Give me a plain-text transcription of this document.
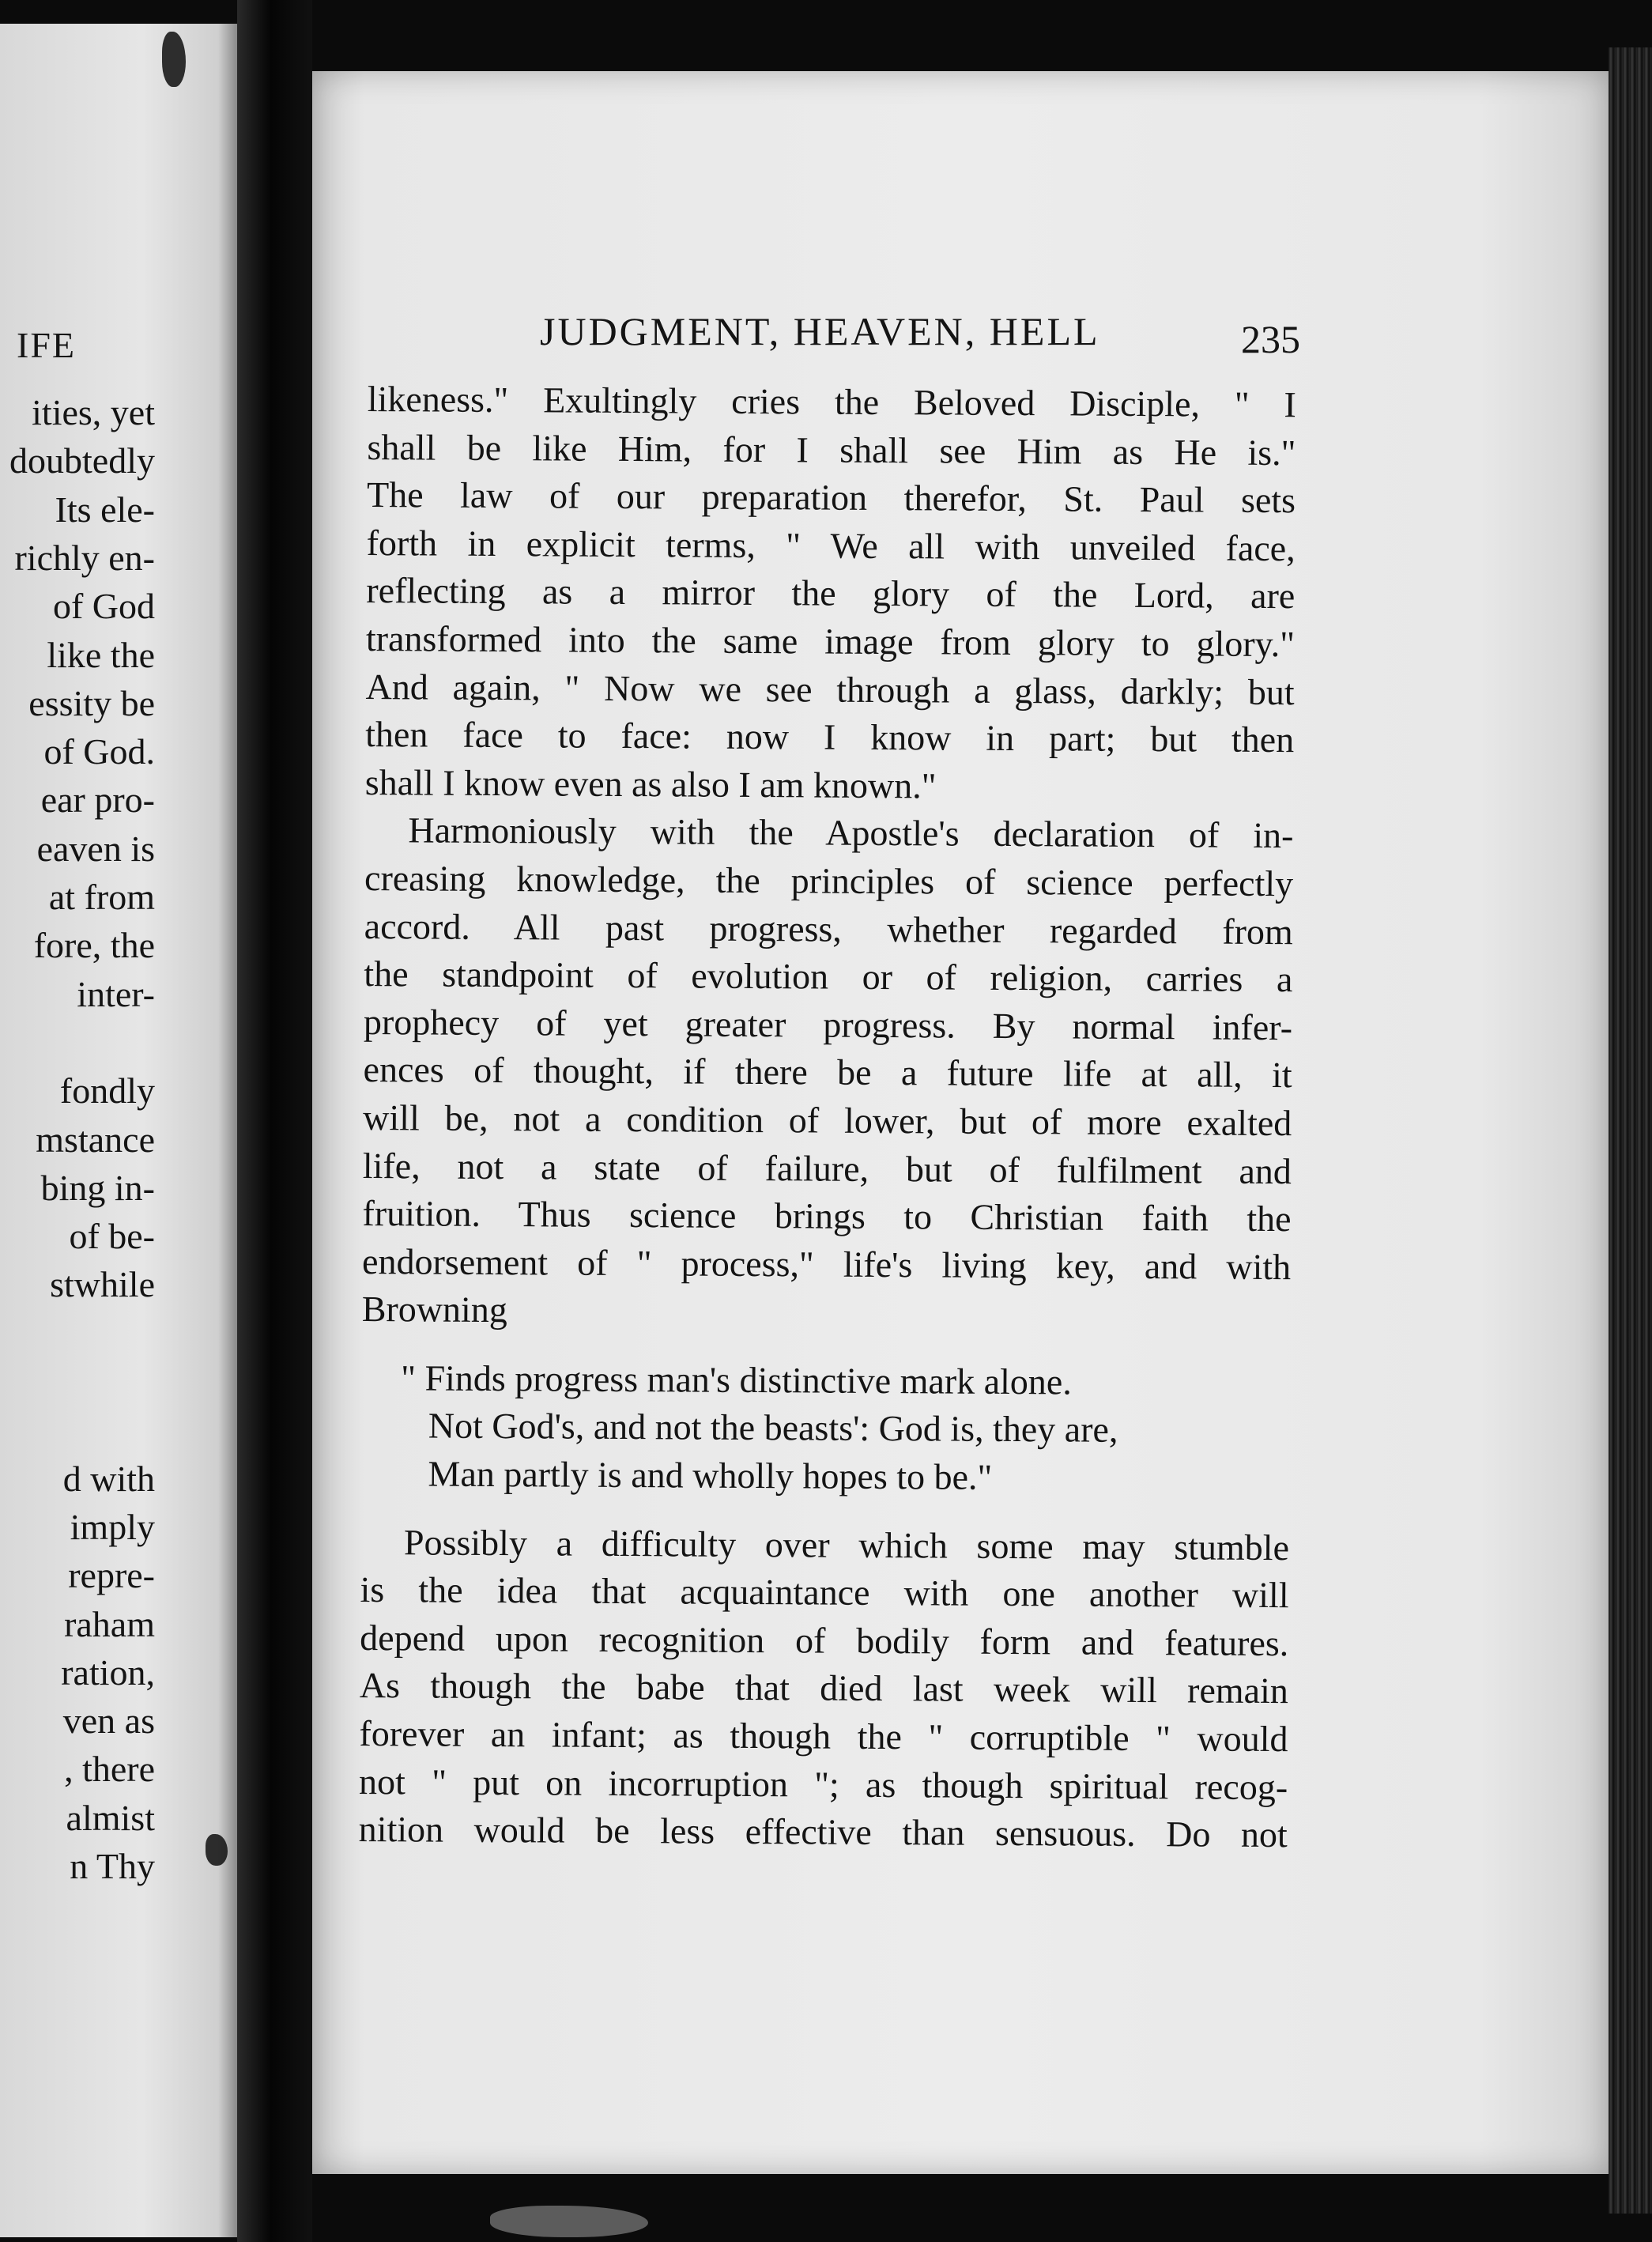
IFE
ities, yet
doubtedly
Its ele-
richly en-
of God
like the
essity be
of God.
ear pro-
eaven is
at from
fore, the
inter-
fondly
mstance
bing in-
of be-
stwhile
d with
imply
repre-
raham
ration,
ven as
, there
almist
n Thy
JUDGMENT, HEAVEN, HELL	235
likeness." Exultingly cries the Beloved Disciple, " I
shall be like Him, for I shall see Him as He is."
The law of our preparation therefor, St. Paul sets
forth in explicit terms, " We all with unveiled face,
reflecting as a mirror the glory of the Lord, are
transformed into the same image from glory to glory."
And again, " Now we see through a glass, darkly; but
then face to face: now I know in part; but then
shall I know even as also I am known."
Harmoniously with the Apostle's declaration of in-
creasing knowledge, the principles of science perfectly
accord. All past progress, whether regarded from
the standpoint of evolution or of religion, carries a
prophecy of yet greater progress. By normal infer-
ences of thought, if there be a future life at all, it
will be, not a condition of lower, but of more exalted
life, not a state of failure, but of fulfilment and
fruition. Thus science brings to Christian faith the
endorsement of " process," life's living key, and with
Browning
" Finds progress man's distinctive mark alone.
Not God's, and not the beasts': God is, they are,
Man partly is and wholly hopes to be."
Possibly a difficulty over which some may stumble
is the idea that acquaintance with one another will
depend upon recognition of bodily form and features.
As though the babe that died last week will remain
forever an infant; as though the " corruptible " would
not " put on incorruption "; as though spiritual recog-
nition would be less effective than sensuous. Do not
